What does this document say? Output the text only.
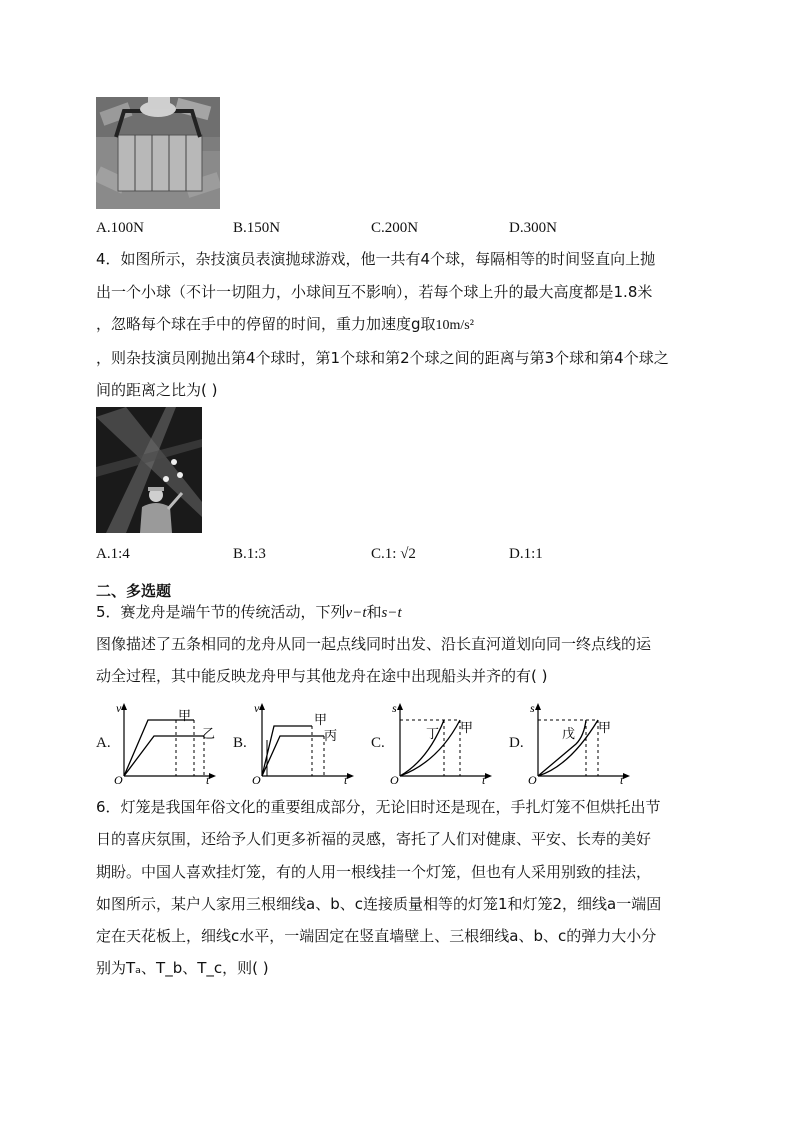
A.100N	B.150N	C.200N	D.300N
4．如图所示，杂技演员表演抛球游戏，他一共有4个球，每隔相等的时间竖直向上抛
出一个小球（不计一切阻力，小球间互不影响），若每个球上升的最大高度都是1.8米
，忽略每个球在手中的停留的时间，重力加速度g取10m/s²
，则杂技演员刚抛出第4个球时，第1个球和第2个球之间的距离与第3个球和第4个球之
间的距离之比为( )
A.1:4	B.1:3	C.1: √2	D.1:1
二、多选题
5．赛龙舟是端午节的传统活动，下列v−t和s−t
图像描述了五条相同的龙舟从同一起点线同时出发、沿长直河道划向同一终点线的运
动全过程，其中能反映龙舟甲与其他龙舟在途中出现船头并齐的有( )
A.
v
t
O
甲
乙
B.
v
t
O
甲
丙 C.
s
t
O
甲
丁
D.
s
t
O
甲
戊
6．灯笼是我国年俗文化的重要组成部分，无论旧时还是现在，手扎灯笼不但烘托出节
日的喜庆氛围，还给予人们更多祈福的灵感，寄托了人们对健康、平安、长寿的美好
期盼。中国人喜欢挂灯笼，有的人用一根线挂一个灯笼，但也有人采用别致的挂法，
如图所示，某户人家用三根细线a、b、c连接质量相等的灯笼1和灯笼2，细线a一端固
定在天花板上，细线c水平，一端固定在竖直墙壁上、三根细线a、b、c的弹力大小分
别为Tₐ、T_b、T_c，则( )
